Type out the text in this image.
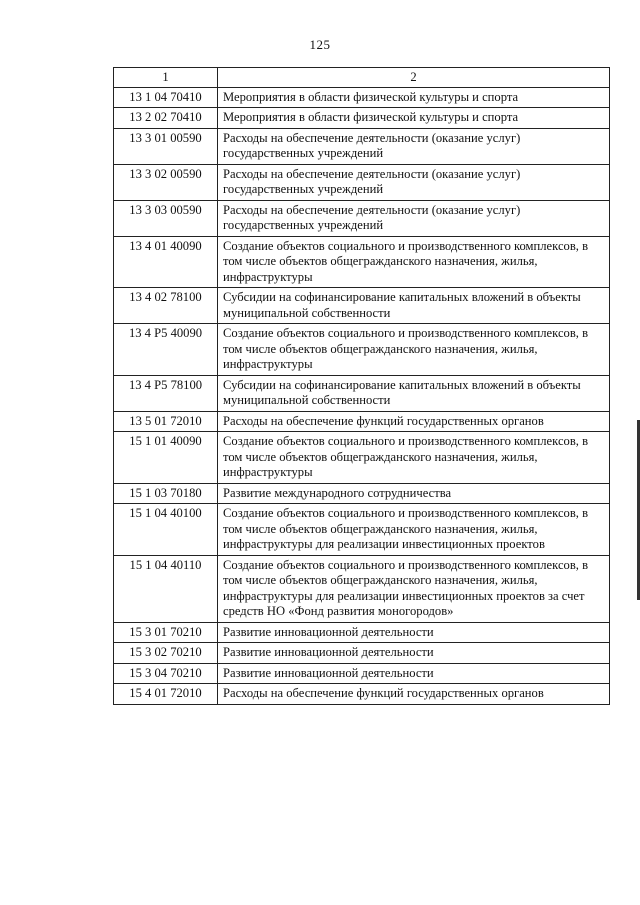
125
1	2
13 1 04 70410	Мероприятия в области физической культуры и спорта
13 2 02 70410	Мероприятия в области физической культуры и спорта
13 3 01 00590	Расходы на обеспечение деятельности (оказание услуг) государственных учреждений
13 3 02 00590	Расходы на обеспечение деятельности (оказание услуг) государственных учреждений
13 3 03 00590	Расходы на обеспечение деятельности (оказание услуг) государственных учреждений
13 4 01 40090	Создание объектов социального и производственного комплексов, в том числе объектов общегражданского назначения, жилья, инфраструктуры
13 4 02 78100	Субсидии на софинансирование капитальных вложений в объекты муниципальной собственности
13 4 P5 40090	Создание объектов социального и производственного комплексов, в том числе объектов общегражданского назначения, жилья, инфраструктуры
13 4 P5 78100	Субсидии на софинансирование капитальных вложений в объекты муниципальной собственности
13 5 01 72010	Расходы на обеспечение функций государственных органов
15 1 01 40090	Создание объектов социального и производственного комплексов, в том числе объектов общегражданского назначения, жилья, инфраструктуры
15 1 03 70180	Развитие международного сотрудничества
15 1 04 40100	Создание объектов социального и производственного комплексов, в том числе объектов общегражданского назначения, жилья, инфраструктуры для реализации инвестиционных проектов
15 1 04 40110	Создание объектов социального и производственного комплексов, в том числе объектов общегражданского назначения, жилья, инфраструктуры для реализации инвестиционных проектов за счет средств НО «Фонд развития моногородов»
15 3 01 70210	Развитие инновационной деятельности
15 3 02 70210	Развитие инновационной деятельности
15 3 04 70210	Развитие инновационной деятельности
15 4 01 72010	Расходы на обеспечение функций государственных органов
